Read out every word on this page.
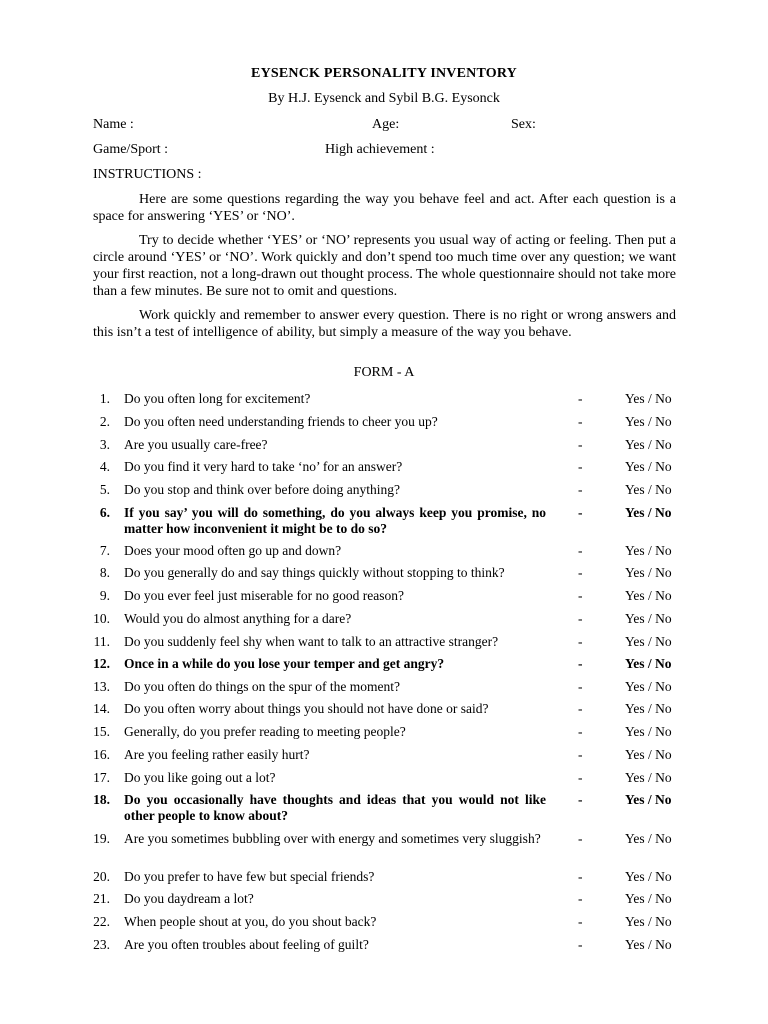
EYSENCK PERSONALITY INVENTORY
By H.J. Eysenck and Sybil B.G. Eysonck
Name :	Age:	Sex:
Game/Sport :	High achievement :
INSTRUCTIONS :

Here are some questions regarding the way you behave feel and act. After each question is a space for answering ‘YES’ or ‘NO’.

Try to decide whether ‘YES’ or ‘NO’ represents you usual way of acting or feeling. Then put a circle around ‘YES’ or ‘NO’. Work quickly and don’t spend too much time over any question; we want your first reaction, not a long-drawn out thought process. The whole questionnaire should not take more than a few minutes. Be sure not to omit and questions.

Work quickly and remember to answer every question. There is no right or wrong answers and this isn’t a test of intelligence of ability, but simply a measure of the way you behave.

FORM - A
1. Do you often long for excitement?	-	Yes / No
2. Do you often need understanding friends to cheer you up?	-	Yes / No
3. Are you usually care-free?	-	Yes / No
4. Do you find it very hard to take ‘no’ for an answer?	-	Yes / No
5. Do you stop and think over before doing anything?	-	Yes / No
6. If you say’ you will do something, do you always keep you promise, no matter how inconvenient it might be to do so?
-	Yes / No
7. Does your mood often go up and down?	-	Yes / No
8. Do you generally do and say things quickly without stopping to think?	-	Yes / No
9. Do you ever feel just miserable for no good reason?	-	Yes / No
10. Would you do almost anything for a dare?	-	Yes / No
11. Do you suddenly feel shy when want to talk to an attractive stranger?	-	Yes / No
12. Once in a while do you lose your temper and get angry?	-	Yes / No
13. Do you often do things on the spur of the moment?	-	Yes / No
14. Do you often worry about things you should not have done or said?	-	Yes / No
15. Generally, do you prefer reading to meeting people?	-	Yes / No
16. Are you feeling rather easily hurt?	-	Yes / No
17. Do you like going out a lot?	-	Yes / No
18. Do you occasionally have thoughts and ideas that you would not like other people to know about?
-	Yes / No
19. Are you sometimes bubbling over with energy and sometimes very sluggish?	-	Yes / No
20. Do you prefer to have few but special friends?	-	Yes / No
21. Do you daydream a lot?	-	Yes / No
22. When people shout at you, do you shout back?	-	Yes / No
23. Are you often troubles about feeling of guilt?	-	Yes / No
